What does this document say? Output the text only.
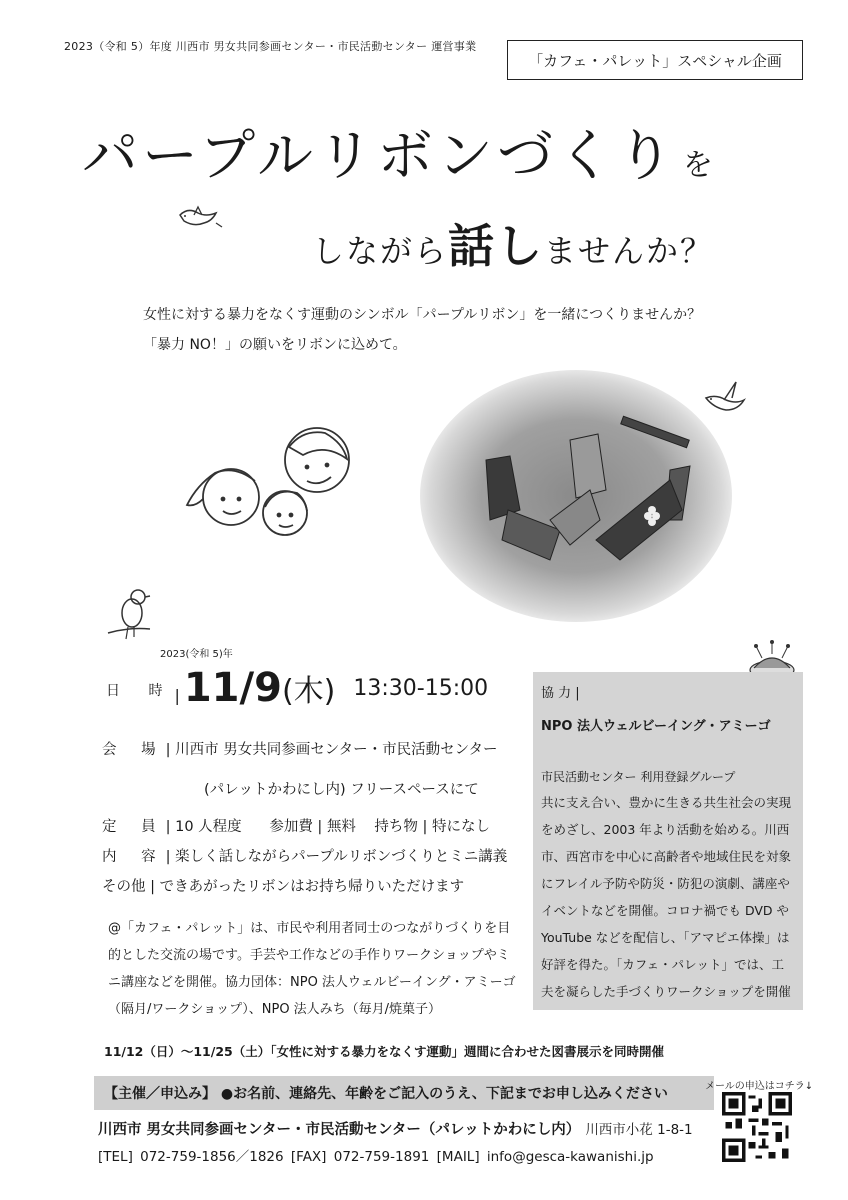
2023（令和 5）年度 川西市 男女共同参画センター・市民活動センター 運営事業
「カフェ・パレット」スペシャル企画
パープルリボンづくり を
しながら話しませんか？
女性に対する暴力をなくす運動のシンボル「パープルリボン」を一緒につくりませんか？
「暴力 NO！」の願いをリボンに込めて。
2023(令和 5)年
日 時| 11/9(木) 13:30-15:00
会 場| 川西市 男女共同参画センター・市民活動センター
(パレットかわにし内) フリースペースにて
定 員| 10 人程度 参加費 | 無料 持ち物 | 特になし
内 容| 楽しく話しながらパープルリボンづくりとミニ講義
その他 | できあがったリボンはお持ち帰りいただけます
@「カフェ・パレット」は、市民や利用者同士のつながりづくりを目的とした交流の場です。手芸や工作などの手作りワークショップやミニ講座などを開催。協力団体：NPO 法人ウェルビーイング・アミーゴ（隔月/ワークショップ）、NPO 法人みち（毎月/焼菓子）
協 力 |
NPO 法人ウェルビーイング・アミーゴ
市民活動センター 利用登録グループ
共に支え合い、豊かに生きる共生社会の実現をめざし、2003 年より活動を始める。川西市、西宮市を中心に高齢者や地域住民を対象にフレイル予防や防災・防犯の演劇、講座やイベントなどを開催。コロナ禍でも DVD や YouTube などを配信し、「アマピエ体操」は好評を得た。「カフェ・パレット」では、工夫を凝らした手づくりワークショップを開催
11/12（日）～11/25（土）「女性に対する暴力をなくす運動」週間に合わせた図書展示を同時開催
【主催／申込み】 ●お名前、連絡先、年齢をご記入のうえ、下記までお申し込みください
川西市 男女共同参画センター・市民活動センター（パレットかわにし内） 川西市小花 1-8-1
[TEL] 072-759-1856／1826 [FAX] 072-759-1891 [MAIL] info@gesca-kawanishi.jp
メールの申込はコチラ↓
